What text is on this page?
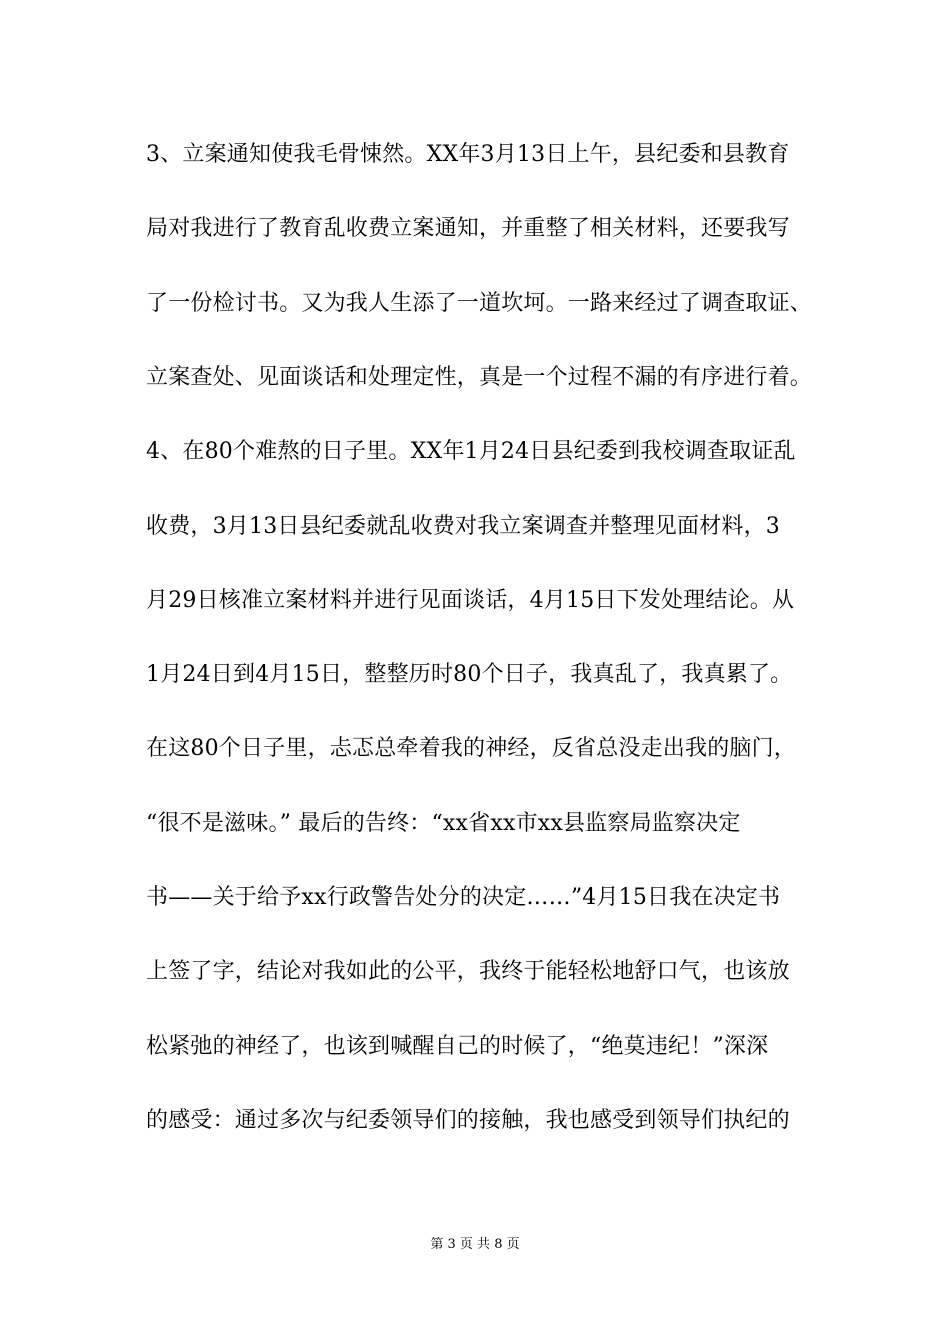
3、立案通知使我毛骨悚然。XX年3月13日上午，县纪委和县教育
局对我进行了教育乱收费立案通知，并重整了相关材料，还要我写
了一份检讨书。又为我人生添了一道坎坷。一路来经过了调查取证、
立案查处、见面谈话和处理定性，真是一个过程不漏的有序进行着。
4、在80个难熬的日子里。XX年1月24日县纪委到我校调查取证乱
收费，3月13日县纪委就乱收费对我立案调查并整理见面材料，3
月29日核准立案材料并进行见面谈话，4月15日下发处理结论。从
1月24日到4月15日，整整历时80个日子，我真乱了，我真累了。
在这80个日子里，忐忑总牵着我的神经，反省总没走出我的脑门，
“很不是滋味。” 最后的告终：“xx省xx市xx县监察局监察决定
书——关于给予xx行政警告处分的决定……”4月15日我在决定书
上签了字，结论对我如此的公平，我终于能轻松地舒口气，也该放
松紧弛的神经了，也该到喊醒自己的时候了，“绝莫违纪！”深深
的感受：通过多次与纪委领导们的接触，我也感受到领导们执纪的
第 3 页 共 8 页
